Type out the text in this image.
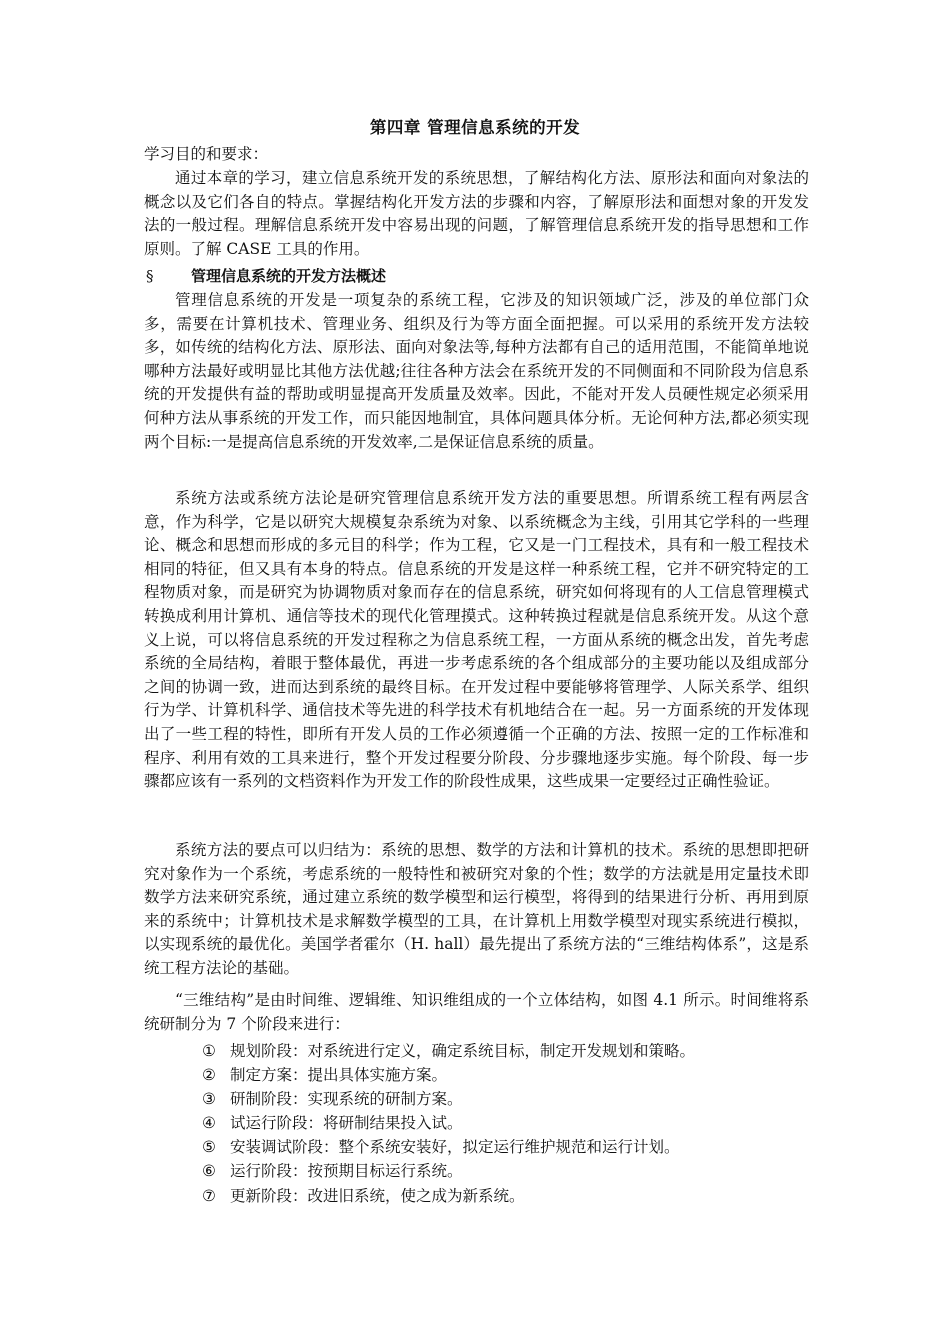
第四章 管理信息系统的开发
学习目的和要求：
通过本章的学习，建立信息系统开发的系统思想，了解结构化方法、原形法和面向对象法的概念以及它们各自的特点。掌握结构化开发方法的步骤和内容，了解原形法和面想对象的开发发法的一般过程。理解信息系统开发中容易出现的问题，了解管理信息系统开发的指导思想和工作原则。了解 CASE 工具的作用。
§	管理信息系统的开发方法概述
管理信息系统的开发是一项复杂的系统工程，它涉及的知识领域广泛，涉及的单位部门众多，需要在计算机技术、管理业务、组织及行为等方面全面把握。可以采用的系统开发方法较多，如传统的结构化方法、原形法、面向对象法等,每种方法都有自己的适用范围，不能简单地说哪种方法最好或明显比其他方法优越;往往各种方法会在系统开发的不同侧面和不同阶段为信息系统的开发提供有益的帮助或明显提高开发质量及效率。因此，不能对开发人员硬性规定必须采用何种方法从事系统的开发工作，而只能因地制宜，具体问题具体分析。无论何种方法,都必须实现两个目标:一是提高信息系统的开发效率,二是保证信息系统的质量。
系统方法或系统方法论是研究管理信息系统开发方法的重要思想。所谓系统工程有两层含意，作为科学，它是以研究大规模复杂系统为对象、以系统概念为主线，引用其它学科的一些理论、概念和思想而形成的多元目的科学；作为工程，它又是一门工程技术，具有和一般工程技术相同的特征，但又具有本身的特点。信息系统的开发是这样一种系统工程，它并不研究特定的工程物质对象，而是研究为协调物质对象而存在的信息系统，研究如何将现有的人工信息管理模式转换成利用计算机、通信等技术的现代化管理摸式。这种转换过程就是信息系统开发。从这个意义上说，可以将信息系统的开发过程称之为信息系统工程，一方面从系统的概念出发，首先考虑系统的全局结构，着眼于整体最优，再进一步考虑系统的各个组成部分的主要功能以及组成部分之间的协调一致，进而达到系统的最终目标。在开发过程中要能够将管理学、人际关系学、组织行为学、计算机科学、通信技术等先进的科学技术有机地结合在一起。另一方面系统的开发体现出了一些工程的特性，即所有开发人员的工作必须遵循一个正确的方法、按照一定的工作标准和程序、利用有效的工具来进行，整个开发过程要分阶段、分步骤地逐步实施。每个阶段、每一步骤都应该有一系列的文档资料作为开发工作的阶段性成果，这些成果一定要经过正确性验证。
系统方法的要点可以归结为：系统的思想、数学的方法和计算机的技术。系统的思想即把研究对象作为一个系统，考虑系统的一般特性和被研究对象的个性；数学的方法就是用定量技术即数学方法来研究系统，通过建立系统的数学模型和运行模型，将得到的结果进行分析、再用到原来的系统中；计算机技术是求解数学模型的工具，在计算机上用数学模型对现实系统进行模拟，以实现系统的最优化。美国学者霍尔（H. hall）最先提出了系统方法的“三维结构体系”，这是系统工程方法论的基础。
“三维结构”是由时间维、逻辑维、知识维组成的一个立体结构，如图 4.1 所示。时间维将系统研制分为 7 个阶段来进行：
① 规划阶段：对系统进行定义，确定系统目标，制定开发规划和策略。
② 制定方案：提出具体实施方案。
③ 研制阶段：实现系统的研制方案。
④ 试运行阶段：将研制结果投入试。
⑤ 安装调试阶段：整个系统安装好，拟定运行维护规范和运行计划。
⑥ 运行阶段：按预期目标运行系统。
⑦ 更新阶段：改进旧系统，使之成为新系统。
